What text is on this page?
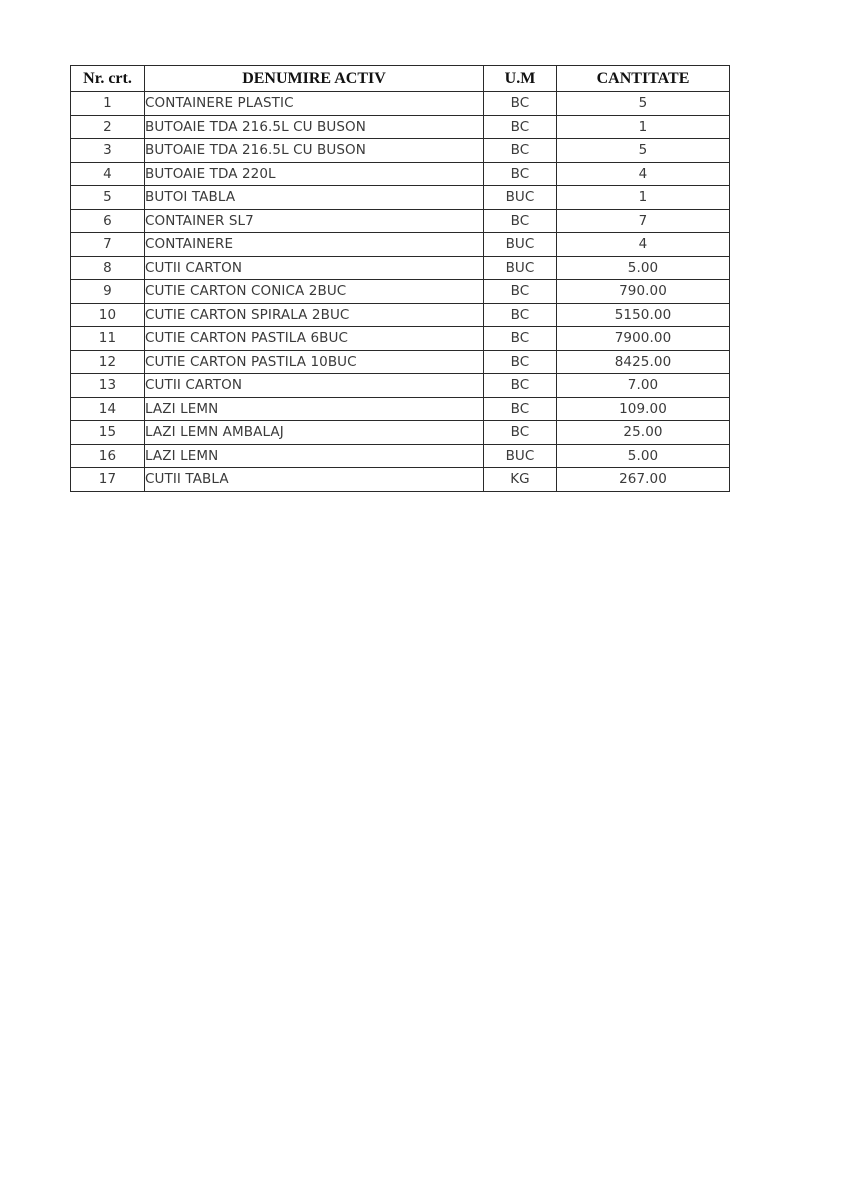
Nr. crt.	DENUMIRE ACTIV	U.M	CANTITATE
1	CONTAINERE PLASTIC	BC	5
2	BUTOAIE TDA 216.5L CU BUSON	BC	1
3	BUTOAIE TDA 216.5L CU BUSON	BC	5
4	BUTOAIE TDA 220L	BC	4
5	BUTOI TABLA	BUC	1
6	CONTAINER SL7	BC	7
7	CONTAINERE	BUC	4
8	CUTII CARTON	BUC	5.00
9	CUTIE CARTON CONICA 2BUC	BC	790.00
10	CUTIE CARTON SPIRALA 2BUC	BC	5150.00
11	CUTIE CARTON PASTILA 6BUC	BC	7900.00
12	CUTIE CARTON PASTILA 10BUC	BC	8425.00
13	CUTII CARTON	BC	7.00
14	LAZI LEMN	BC	109.00
15	LAZI LEMN AMBALAJ	BC	25.00
16	LAZI LEMN	BUC	5.00
17	CUTII TABLA	KG	267.00
